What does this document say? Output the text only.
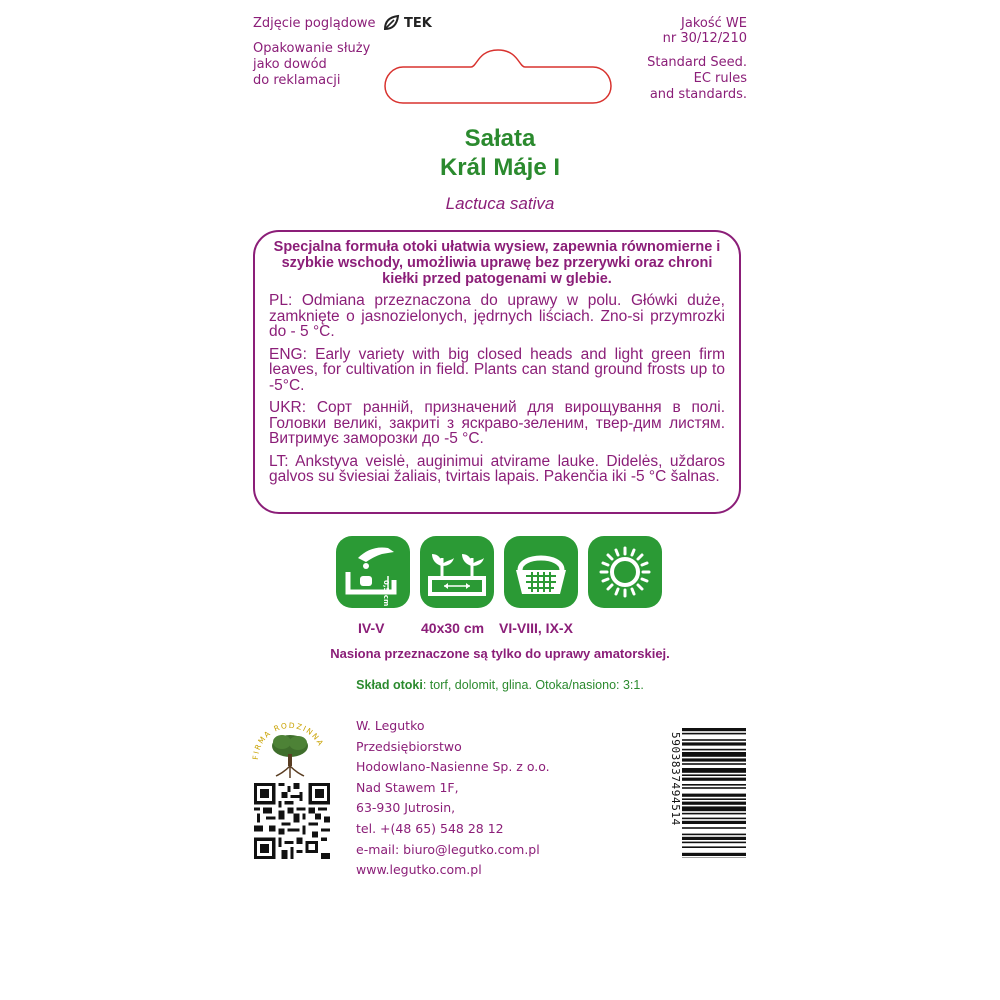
Zdjęcie poglądowe TEK	Jakość WE
nr 30/12/210
Opakowanie służy
jako dowód
do reklamacji
Standard Seed.
EC rules
and standards.
Sałata
Král Máje I
Lactuca sativa

Specjalna formuła otoki ułatwia wysiew, zapewnia równomierne i szybkie wschody, umożliwia uprawę bez przerywki oraz chroni kiełki przed patogenami w glebie.

PL: Odmiana przeznaczona do uprawy w polu. Główki duże, zamknięte o jasnozielonych, jędrnych liściach. Zno-si przymrozki do - 5 °C.

ENG: Early variety with big closed heads and light green firm leaves, for cultivation in field. Plants can stand ground frosts up to -5°C.

UKR: Сорт ранній, призначений для вирощування в полі. Головки великі, закриті з яскраво-зеленим, твер-дим листям. Витримує заморозки до -5 °C.

LT: Ankstyva veislė, auginimui atvirame lauke. Didelės, uždaros galvos su šviesiai žaliais, tvirtais lapais. Pakenčia iki -5 °C šalnas.

0,5 cm
IV-V	40x30 cm VI-VIII, IX-X
Nasiona przeznaczone są tylko do uprawy amatorskiej.
Skład otoki: torf, dolomit, glina. Otoka/nasiono: 3:1.
FIRMA RODZINNA
W. Legutko
Przedsiębiorstwo
Hodowlano-Nasienne Sp. z o.o.
Nad Stawem 1F,
63-930 Jutrosin,
tel. +(48 65) 548 28 12
e-mail: biuro@legutko.com.pl
www.legutko.com.pl
5903837494514
